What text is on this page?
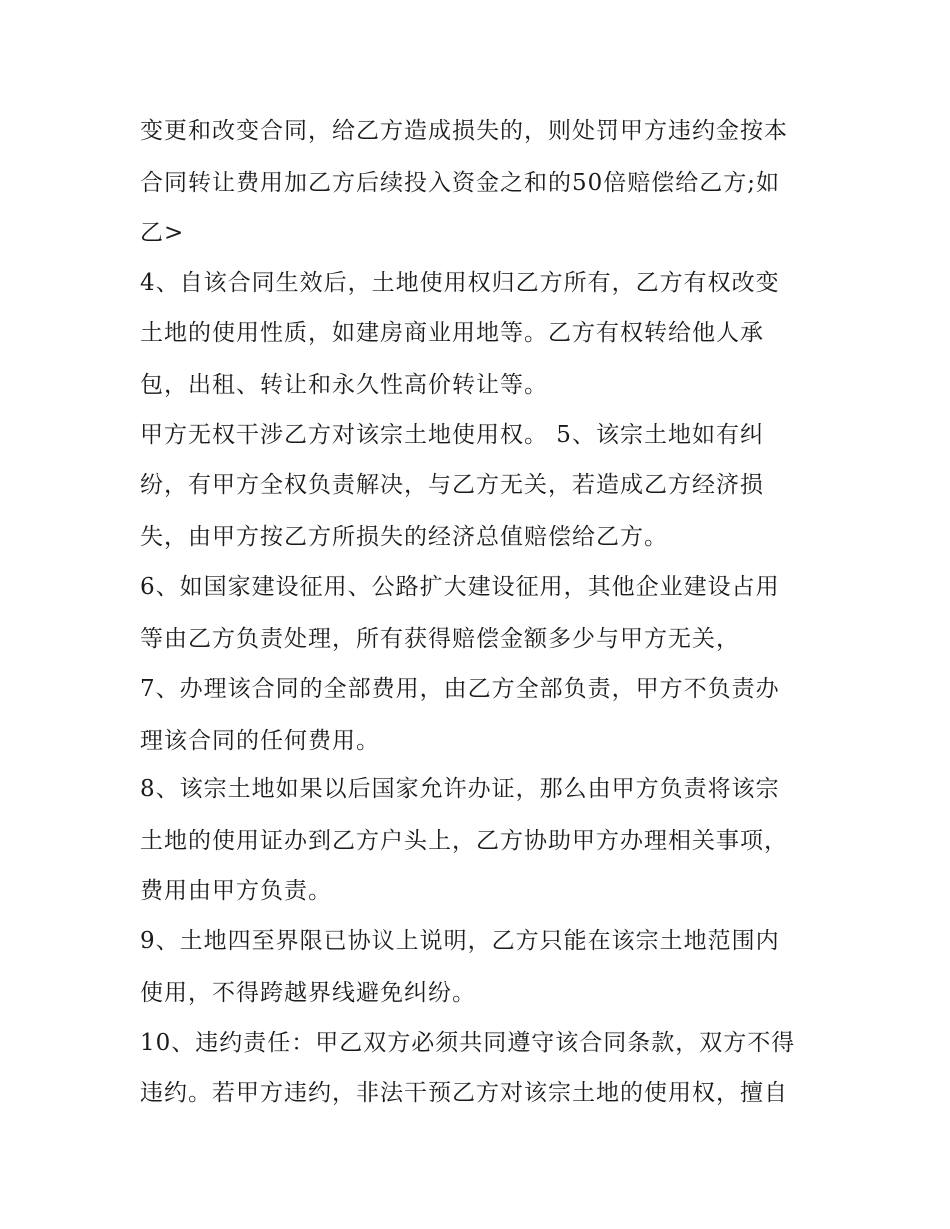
变更和改变合同，给乙方造成损失的，则处罚甲方违约金按本
合同转让费用加乙方后续投入资金之和的50倍赔偿给乙方;如
乙>
4、自该合同生效后，土地使用权归乙方所有，乙方有权改变
土地的使用性质，如建房商业用地等。乙方有权转给他人承
包，出租、转让和永久性高价转让等。
甲方无权干涉乙方对该宗土地使用权。 5、该宗土地如有纠
纷，有甲方全权负责解决，与乙方无关，若造成乙方经济损
失，由甲方按乙方所损失的经济总值赔偿给乙方。
6、如国家建设征用、公路扩大建设征用，其他企业建设占用
等由乙方负责处理，所有获得赔偿金额多少与甲方无关，
7、办理该合同的全部费用，由乙方全部负责，甲方不负责办
理该合同的任何费用。
8、该宗土地如果以后国家允许办证，那么由甲方负责将该宗
土地的使用证办到乙方户头上，乙方协助甲方办理相关事项，
费用由甲方负责。
9、土地四至界限已协议上说明，乙方只能在该宗土地范围内
使用，不得跨越界线避免纠纷。
10、违约责任：甲乙双方必须共同遵守该合同条款，双方不得
违约。若甲方违约，非法干预乙方对该宗土地的使用权，擅自
